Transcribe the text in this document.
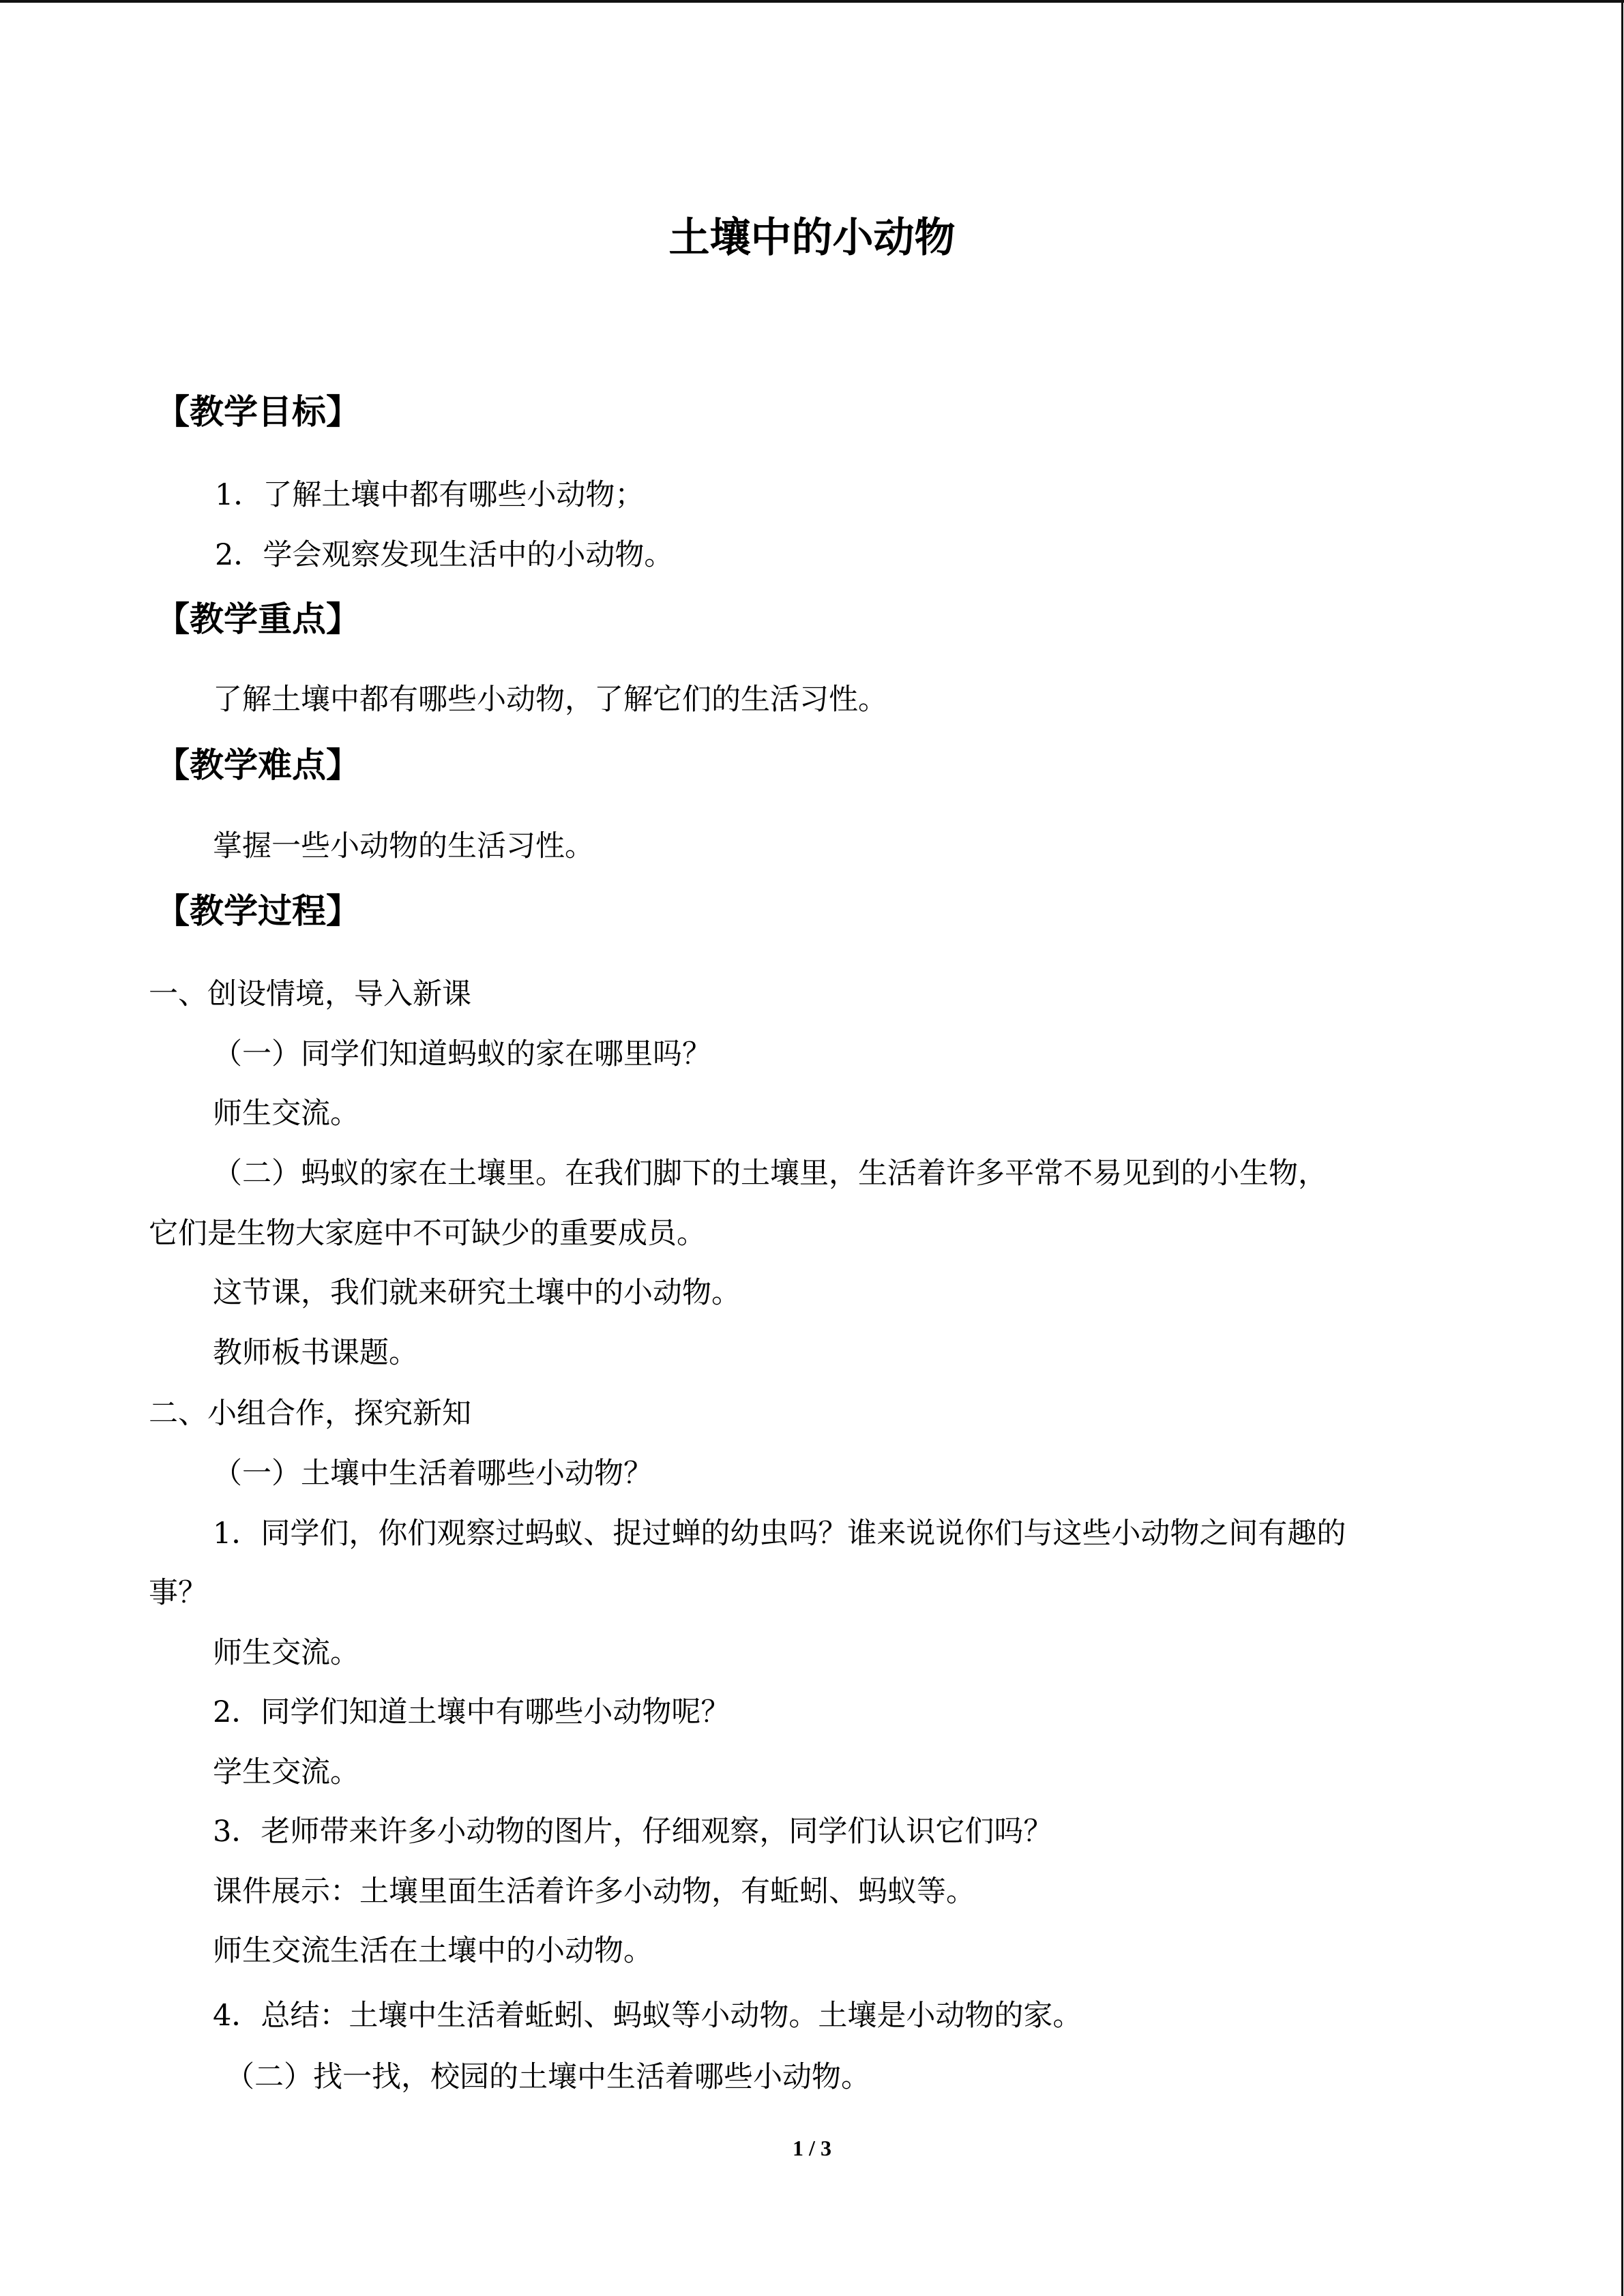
土壤中的小动物
【教学目标】
【教学重点】
【教学难点】
【教学过程】
1．了解土壤中都有哪些小动物；
2．学会观察发现生活中的小动物。
了解土壤中都有哪些小动物，了解它们的生活习性。
掌握一些小动物的生活习性。
一、创设情境，导入新课
（一）同学们知道蚂蚁的家在哪里吗？
师生交流。
（二）蚂蚁的家在土壤里。在我们脚下的土壤里，生活着许多平常不易见到的小生物，
它们是生物大家庭中不可缺少的重要成员。
这节课，我们就来研究土壤中的小动物。
教师板书课题。
二、小组合作，探究新知
（一）土壤中生活着哪些小动物？
1．同学们，你们观察过蚂蚁、捉过蝉的幼虫吗？谁来说说你们与这些小动物之间有趣的
事？
师生交流。
2．同学们知道土壤中有哪些小动物呢？
学生交流。
3．老师带来许多小动物的图片，仔细观察，同学们认识它们吗？
课件展示：土壤里面生活着许多小动物，有蚯蚓、蚂蚁等。
师生交流生活在土壤中的小动物。
4．总结：土壤中生活着蚯蚓、蚂蚁等小动物。土壤是小动物的家。
（二）找一找，校园的土壤中生活着哪些小动物。
1 / 3
